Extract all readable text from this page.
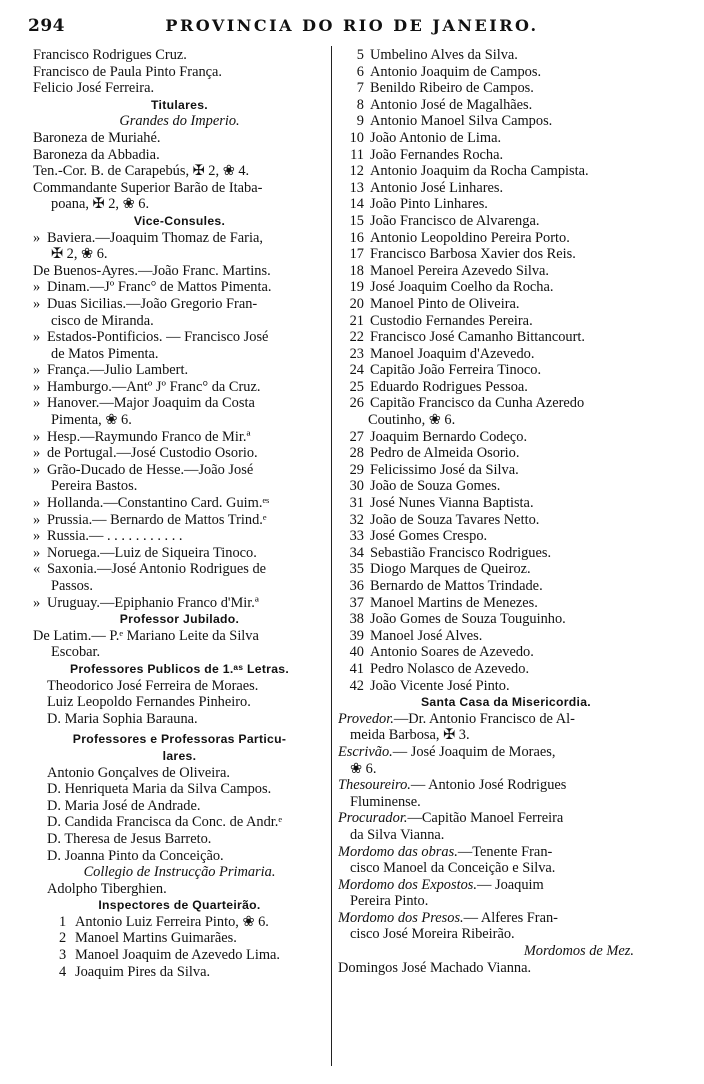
294	PROVINCIA DO RIO DE JANEIRO.
Francisco Rodrigues Cruz.
Francisco de Paula Pinto França.
Felicio José Ferreira.
Titulares.
Grandes do Imperio.
Baroneza de Muriahé.
Baroneza da Abbadia.
Ten.-Cor. B. de Carapebús, ✠ 2, ❀ 4.
Commandante Superior Barão de Itaba-
poana, ✠ 2, ❀ 6.
Vice-Consules.
» Baviera.—Joaquim Thomaz de Faria,
✠ 2, ❀ 6.
De Buenos-Ayres.—João Franc. Martins.
» Dinam.—Jº Franc° de Mattos Pimenta.
» Duas Sicilias.—João Gregorio Fran-
cisco de Miranda.
» Estados-Pontificios. — Francisco José
de Matos Pimenta.
» França.—Julio Lambert.
» Hamburgo.—Antº Jº Franc° da Cruz.
» Hanover.—Major Joaquim da Costa
Pimenta, ❀ 6.
» Hesp.—Raymundo Franco de Mir.ª
» de Portugal.—José Custodio Osorio.
» Grão-Ducado de Hesse.—João José
Pereira Bastos.
» Hollanda.—Constantino Card. Guim.ᵉˢ
» Prussia.— Bernardo de Mattos Trind.ᵉ
» Russia.— . . . . . . . . . . .
» Noruega.—Luiz de Siqueira Tinoco.
« Saxonia.—José Antonio Rodrigues de
Passos.
» Uruguay.—Epiphanio Franco d'Mir.ª
Professor Jubilado.
De Latim.— P.ᵉ Mariano Leite da Silva
Escobar.
Professores Publicos de 1.ᵃˢ Letras.
Theodorico José Ferreira de Moraes.
Luiz Leopoldo Fernandes Pinheiro.
D. Maria Sophia Barauna.
Professores e Professoras Particu-
lares.
Antonio Gonçalves de Oliveira.
D. Henriqueta Maria da Silva Campos.
D. Maria José de Andrade.
D. Candida Francisca da Conc. de Andr.ᵉ
D. Theresa de Jesus Barreto.
D. Joanna Pinto da Conceição.
Collegio de Instrucção Primaria.
Adolpho Tiberghien.
Inspectores de Quarteirão.
1 Antonio Luiz Ferreira Pinto, ❀ 6.
2 Manoel Martins Guimarães.
3 Manoel Joaquim de Azevedo Lima.
4 Joaquim Pires da Silva.
5 Umbelino Alves da Silva.
6 Antonio Joaquim de Campos.
7 Benildo Ribeiro de Campos.
8 Antonio José de Magalhães.
9 Antonio Manoel Silva Campos.
10 João Antonio de Lima.
11 João Fernandes Rocha.
12 Antonio Joaquim da Rocha Campista.
13 Antonio José Linhares.
14 João Pinto Linhares.
15 João Francisco de Alvarenga.
16 Antonio Leopoldino Pereira Porto.
17 Francisco Barbosa Xavier dos Reis.
18 Manoel Pereira Azevedo Silva.
19 José Joaquim Coelho da Rocha.
20 Manoel Pinto de Oliveira.
21 Custodio Fernandes Pereira.
22 Francisco José Camanho Bittancourt.
23 Manoel Joaquim d'Azevedo.
24 Capitão João Ferreira Tinoco.
25 Eduardo Rodrigues Pessoa.
26 Capitão Francisco da Cunha Azeredo
Coutinho, ❀ 6.
27 Joaquim Bernardo Codeço.
28 Pedro de Almeida Osorio.
29 Felicissimo José da Silva.
30 João de Souza Gomes.
31 José Nunes Vianna Baptista.
32 João de Souza Tavares Netto.
33 José Gomes Crespo.
34 Sebastião Francisco Rodrigues.
35 Diogo Marques de Queiroz.
36 Bernardo de Mattos Trindade.
37 Manoel Martins de Menezes.
38 João Gomes de Souza Touguinho.
39 Manoel José Alves.
40 Antonio Soares de Azevedo.
41 Pedro Nolasco de Azevedo.
42 João Vicente José Pinto.
Santa Casa da Misericordia.
Provedor.—Dr. Antonio Francisco de Al-
meida Barbosa, ✠ 3.
Escrivão.— José Joaquim de Moraes,
❀ 6.
Thesoureiro.— Antonio José Rodrigues
Fluminense.
Procurador.—Capitão Manoel Ferreira
da Silva Vianna.
Mordomo das obras.—Tenente Fran-
cisco Manoel da Conceição e Silva.
Mordomo dos Expostos.— Joaquim
Pereira Pinto.
Mordomo dos Presos.— Alferes Fran-
cisco José Moreira Ribeirão.
Mordomos de Mez.
Domingos José Machado Vianna.
